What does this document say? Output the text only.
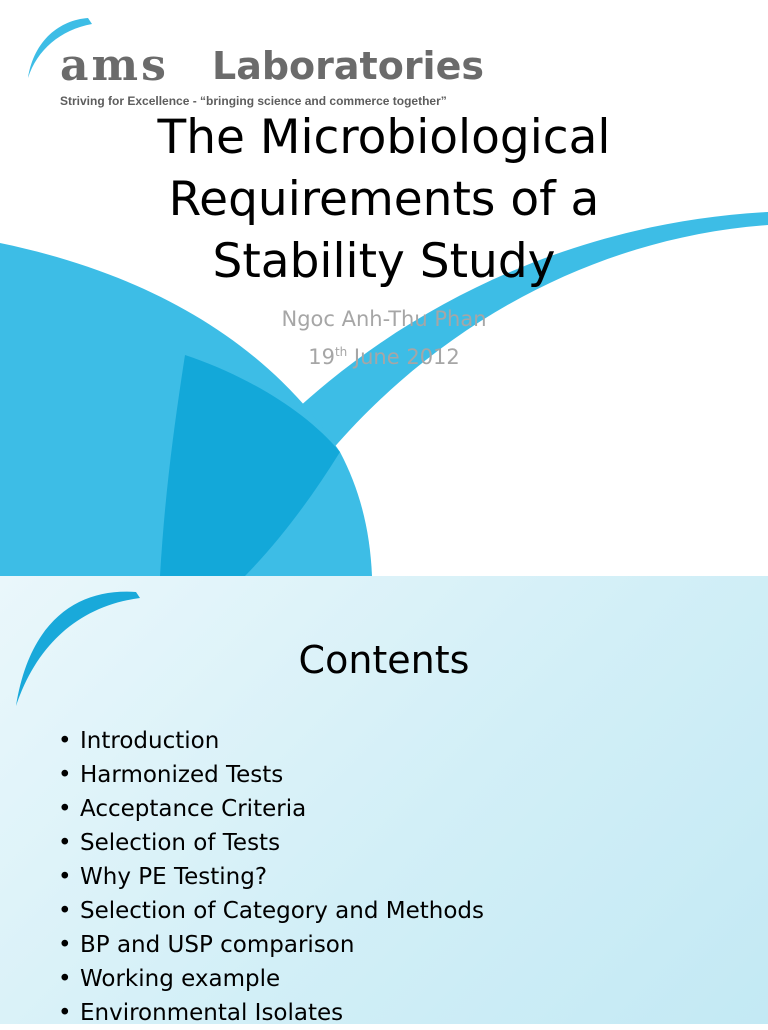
ams Laboratories
Striving for Excellence - “bringing science and commerce together”
The Microbiological
Requirements of a
Stability Study
Ngoc Anh-Thu Phan
19th June 2012
Contents
• Introduction
• Harmonized Tests
• Acceptance Criteria
• Selection of Tests
• Why PE Testing?
• Selection of Category and Methods
• BP and USP comparison
• Working example
• Environmental Isolates
